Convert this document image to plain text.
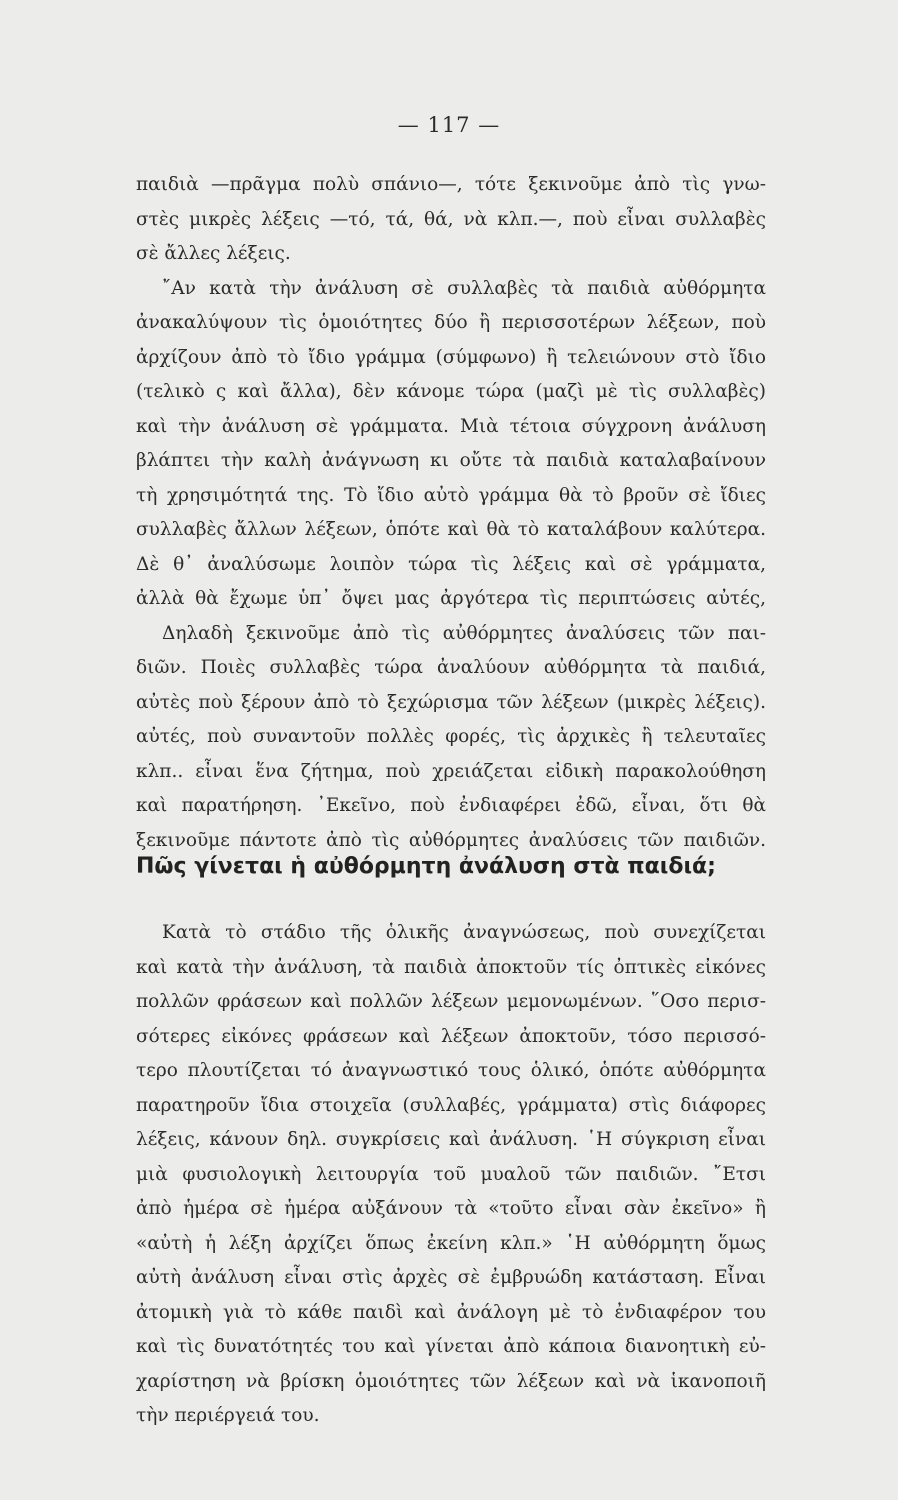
— 117 —
παιδιὰ —πρᾶγμα πολὺ σπάνιο—, τότε ξεκινοῦμε ἀπὸ τὶς γνω-
στὲς μικρὲς λέξεις —τό, τά, θά, νὰ κλπ.—, ποὺ εἶναι συλλαβὲς
σὲ ἄλλες λέξεις.
῎Αν κατὰ τὴν ἀνάλυση σὲ συλλαβὲς τὰ παιδιὰ αὐθόρμητα
ἀνακαλύψουν τὶς ὁμοιότητες δύο ἢ περισσοτέρων λέξεων, ποὺ
ἀρχίζουν ἀπὸ τὸ ἴδιο γράμμα (σύμφωνο) ἢ τελειώνουν στὸ ἴδιο
(τελικὸ ς καὶ ἄλλα), δὲν κάνομε τώρα (μαζὶ μὲ τὶς συλλαβὲς)
καὶ τὴν ἀνάλυση σὲ γράμματα. Μιὰ τέτοια σύγχρονη ἀνάλυση
βλάπτει τὴν καλὴ ἀνάγνωση κι οὔτε τὰ παιδιὰ καταλαβαίνουν
τὴ χρησιμότητά της. Τὸ ἴδιο αὐτὸ γράμμα θὰ τὸ βροῦν σὲ ἴδιες
συλλαβὲς ἄλλων λέξεων, ὁπότε καὶ θὰ τὸ καταλάβουν καλύτερα.
Δὲ θ᾿ ἀναλύσωμε λοιπὸν τώρα τὶς λέξεις καὶ σὲ γράμματα,
ἀλλὰ θὰ ἔχωμε ὑπ᾿ ὄψει μας ἀργότερα τὶς περιπτώσεις αὐτές,
Δηλαδὴ ξεκινοῦμε ἀπὸ τὶς αὐθόρμητες ἀναλύσεις τῶν παι-
διῶν. Ποιὲς συλλαβὲς τώρα ἀναλύουν αὐθόρμητα τὰ παιδιά,
αὐτὲς ποὺ ξέρουν ἀπὸ τὸ ξεχώρισμα τῶν λέξεων (μικρὲς λέξεις).
αὐτές, ποὺ συναντοῦν πολλὲς φορές, τὶς ἀρχικὲς ἢ τελευταῖες
κλπ.. εἶναι ἕνα ζήτημα, ποὺ χρειάζεται εἰδικὴ παρακολούθηση
καὶ παρατήρηση. ᾿Εκεῖνο, ποὺ ἐνδιαφέρει ἐδῶ, εἶναι, ὅτι θὰ
ξεκινοῦμε πάντοτε ἀπὸ τὶς αὐθόρμητες ἀναλύσεις τῶν παιδιῶν.
Πῶς γίνεται ἡ αὐθόρμητη ἀνάλυση στὰ παιδιά;
Κατὰ τὸ στάδιο τῆς ὁλικῆς ἀναγνώσεως, ποὺ συνεχίζεται
καὶ κατὰ τὴν ἀνάλυση, τὰ παιδιὰ ἀποκτοῦν τίς ὀπτικὲς εἰκόνες
πολλῶν φράσεων καὶ πολλῶν λέξεων μεμονωμένων. ῞Οσο περισ-
σότερες εἰκόνες φράσεων καὶ λέξεων ἀποκτοῦν, τόσο περισσό-
τερο πλουτίζεται τό ἀναγνωστικό τους ὁλικό, ὁπότε αὐθόρμητα
παρατηροῦν ἴδια στοιχεῖα (συλλαβές, γράμματα) στὶς διάφορες
λέξεις, κάνουν δηλ. συγκρίσεις καὶ ἀνάλυση. ῾Η σύγκριση εἶναι
μιὰ φυσιολογικὴ λειτουργία τοῦ μυαλοῦ τῶν παιδιῶν. ῎Ετσι
ἀπὸ ἡμέρα σὲ ἡμέρα αὐξάνουν τὰ «τοῦτο εἶναι σὰν ἐκεῖνο» ἢ
«αὐτὴ ἡ λέξη ἀρχίζει ὅπως ἐκείνη κλπ.» ῾Η αὐθόρμητη ὅμως
αὐτὴ ἀνάλυση εἶναι στὶς ἀρχὲς σὲ ἐμβρυώδη κατάσταση. Εἶναι
ἀτομικὴ γιὰ τὸ κάθε παιδὶ καὶ ἀνάλογη μὲ τὸ ἐνδιαφέρον του
καὶ τὶς δυνατότητές του καὶ γίνεται ἀπὸ κάποια διανοητικὴ εὐ-
χαρίστηση νὰ βρίσκη ὁμοιότητες τῶν λέξεων καὶ νὰ ἱκανοποιῆ
τὴν περιέργειά του.
